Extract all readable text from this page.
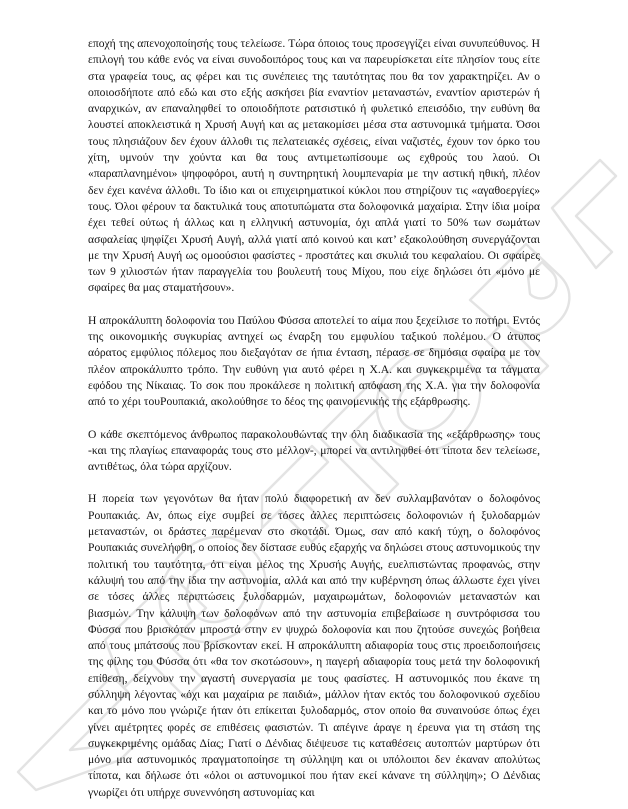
εποχή της απενοχοποίησής τους τελείωσε. Τώρα όποιος τους προσεγγίζει είναι συνυπεύθυνος. Η επιλογή του κάθε ενός να είναι συνοδοιπόρος τους και να παρευρίσκεται είτε πλησίον τους είτε στα γραφεία τους, ας φέρει και τις συνέπειες της ταυτότητας που θα τον χαρακτηρίζει. Αν ο οποιοσδήποτε από εδώ και στο εξής ασκήσει βία εναντίον μεταναστών, εναντίον αριστερών ή αναρχικών, αν επαναληφθεί το οποιοδήποτε ρατσιστικό ή φυλετικό επεισόδιο, την ευθύνη θα λουστεί αποκλειστικά η Χρυσή Αυγή και ας μετακομίσει μέσα στα αστυνομικά τμήματα. Όσοι τους πλησιάζουν δεν έχουν άλλοθι τις πελατειακές σχέσεις, είναι ναζιστές, έχουν τον όρκο του χίτη, υμνούν την χούντα και θα τους αντιμετωπίσουμε ως εχθρούς του λαού. Οι «παραπλανημένοι» ψηφοφόροι, αυτή η συντηρητική λουμπεναρία με την αστική ηθική, πλέον δεν έχει κανένα άλλοθι. Το ίδιο και οι επιχειρηματικοί κύκλοι που στηρίζουν τις «αγαθοεργίες» τους. Όλοι φέρουν τα δακτυλικά τους αποτυπώματα στα δολοφονικά μαχαίρια. Στην ίδια μοίρα έχει τεθεί ούτως ή άλλως και η ελληνική αστυνομία, όχι απλά γιατί το 50% των σωμάτων ασφαλείας ψηφίζει Χρυσή Αυγή, αλλά γιατί από κοινού και κατ’ εξακολούθηση συνεργάζονται με την Χρυσή Αυγή ως ομοούσιοι φασίστες - προστάτες και σκυλιά του κεφαλαίου. Οι σφαίρες των 9 χιλιοστών ήταν παραγγελία του βουλευτή τους Μίχου, που είχε δηλώσει ότι «μόνο με σφαίρες θα μας σταματήσουν».

Η απροκάλυπτη δολοφονία του Παύλου Φύσσα αποτελεί το αίμα που ξεχείλισε το ποτήρι. Εντός της οικονομικής συγκυρίας αντηχεί ως έναρξη του εμφυλίου ταξικού πολέμου. Ο άτυπος αόρατος εμφύλιος πόλεμος που διεξαγόταν σε ήπια ένταση, πέρασε σε δημόσια σφαίρα με τον πλέον απροκάλυπτο τρόπο. Την ευθύνη για αυτό φέρει η Χ.Α. και συγκεκριμένα τα τάγματα εφόδου της Νίκαιας. Το σοκ που προκάλεσε η πολιτική απόφαση της Χ.Α. για την δολοφονία από το χέρι τουΡουπακιά, ακολούθησε το δέος της φαινομενικής της εξάρθρωσης.

Ο κάθε σκεπτόμενος άνθρωπος παρακολουθώντας την όλη διαδικασία της «εξάρθρωσης» τους -και της πλαγίως επαναφοράς τους στο μέλλον-, μπορεί να αντιληφθεί ότι τίποτα δεν τελείωσε, αντιθέτως, όλα τώρα αρχίζουν.

Η πορεία των γεγονότων θα ήταν πολύ διαφορετική αν δεν συλλαμβανόταν ο δολοφόνος Ρουπακιάς. Αν, όπως είχε συμβεί σε τόσες άλλες περιπτώσεις δολοφονιών ή ξυλοδαρμών μεταναστών, οι δράστες παρέμεναν στο σκοτάδι. Όμως, σαν από κακή τύχη, ο δολοφόνος Ρουπακιάς συνελήφθη, ο οποίος δεν δίστασε ευθύς εξαρχής να δηλώσει στους αστυνομικούς την πολιτική του ταυτότητα, ότι είναι μέλος της Χρυσής Αυγής, ευελπιστώντας προφανώς, στην κάλυψή του από την ίδια την αστυνομία, αλλά και από την κυβέρνηση όπως άλλωστε έχει γίνει σε τόσες άλλες περιπτώσεις ξυλοδαρμών, μαχαιρωμάτων, δολοφονιών μεταναστών και βιασμών. Την κάλυψη των δολοφόνων από την αστυνομία επιβεβαίωσε η συντρόφισσα του Φύσσα που βρισκόταν μπροστά στην εν ψυχρώ δολοφονία και που ζητούσε συνεχώς βοήθεια από τους μπάτσους που βρίσκονταν εκεί. Η απροκάλυπτη αδιαφορία τους στις προειδοποιήσεις της φίλης του Φύσσα ότι «θα τον σκοτώσουν», η παγερή αδιαφορία τους μετά την δολοφονική επίθεση, δείχνουν την αγαστή συνεργασία με τους φασίστες. Η αστυνομικός που έκανε τη σύλληψη λέγοντας «όχι και μαχαίρια ρε παιδιά», μάλλον ήταν εκτός του δολοφονικού σχεδίου και το μόνο που γνώριζε ήταν ότι επίκειται ξυλοδαρμός, στον οποίο θα συναινούσε όπως έχει γίνει αμέτρητες φορές σε επιθέσεις φασιστών. Τι απέγινε άραγε η έρευνα για τη στάση της συγκεκριμένης ομάδας Δίας; Γιατί ο Δένδιας διέψευσε τις καταθέσεις αυτοπτών μαρτύρων ότι μόνο μια αστυνομικός πραγματοποίησε τη σύλληψη και οι υπόλοιποι δεν έκαναν απολύτως τίποτα, και δήλωσε ότι «όλοι οι αστυνομικοί που ήταν εκεί κάνανε τη σύλληψη»; Ο Δένδιας γνωρίζει ότι υπήρχε συνεννόηση αστυνομίας και
